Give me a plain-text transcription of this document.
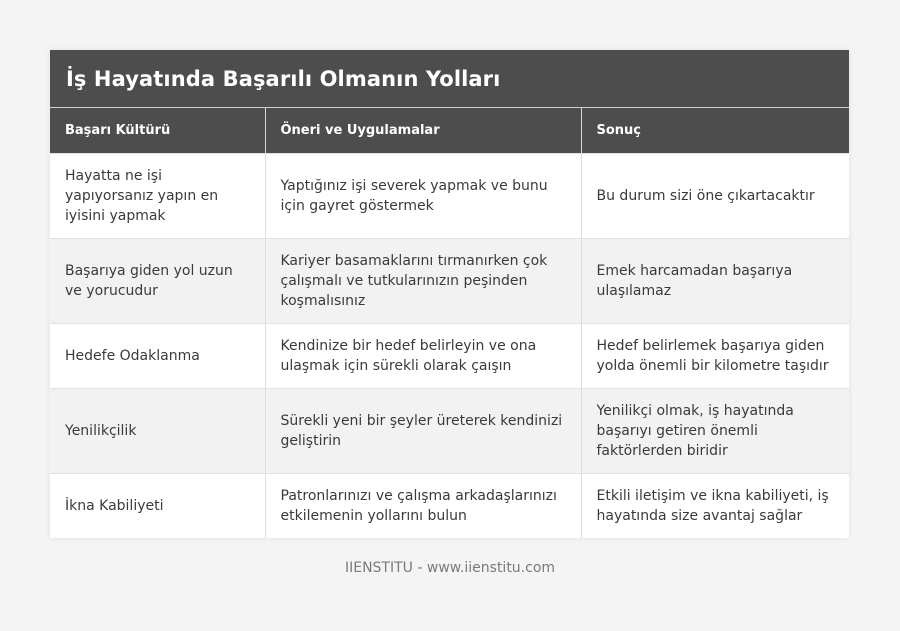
İş Hayatında Başarılı Olmanın Yolları
Başarı Kültürü	Öneri ve Uygulamalar	Sonuç
Hayatta ne işi yapıyorsanız yapın en iyisini yapmak	Yaptığınız işi severek yapmak ve bunu için gayret göstermek	Bu durum sizi öne çıkartacaktır
Başarıya giden yol uzun ve yorucudur	Kariyer basamaklarını tırmanırken çok çalışmalı ve tutkularınızın peşinden koşmalısınız	Emek harcamadan başarıya ulaşılamaz
Hedefe Odaklanma	Kendinize bir hedef belirleyin ve ona ulaşmak için sürekli olarak çaışın	Hedef belirlemek başarıya giden yolda önemli bir kilometre taşıdır
Yenilikçilik	Sürekli yeni bir şeyler üreterek kendinizi geliştirin	Yenilikçi olmak, iş hayatında başarıyı getiren önemli faktörlerden biridir
İkna Kabiliyeti	Patronlarınızı ve çalışma arkadaşlarınızı etkilemenin yollarını bulun	Etkili iletişim ve ikna kabiliyeti, iş hayatında size avantaj sağlar
IIENSTITU - www.iienstitu.com
